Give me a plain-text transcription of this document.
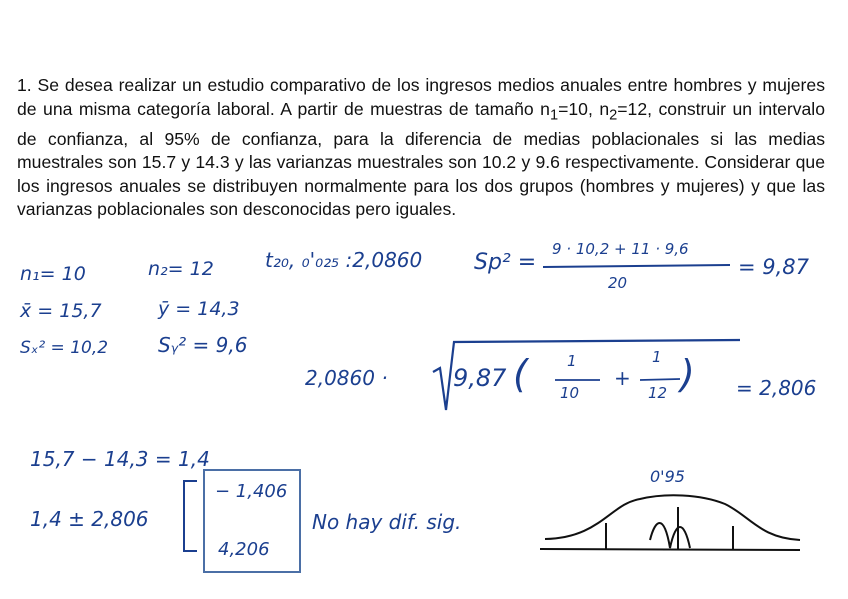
1. Se desea realizar un estudio comparativo de los ingresos medios anuales entre hombres y mujeres de una misma categoría laboral. A partir de muestras de tamaño $n_1=10$, $n_2=12$, construir un intervalo de confianza, al 95% de confianza, para la diferencia de medias poblacionales si las medias muestrales son 15.7 y 14.3 y las varianzas muestrales son 10.2 y 9.6 respectivamente. Considerar que los ingresos anuales se distribuyen normalmente para los dos grupos (hombres y mujeres) y que las varianzas poblacionales son desconocidas pero iguales.

n₁= 10	n₂= 12	t₂₀, ₀'₀₂₅ :2,0860 Sp² =
9 · 10,2 + 11 · 9,6
20
= 9,87
x̄ = 15,7	ȳ = 14,3
Sₓ² = 10,2 Sᵧ² = 9,6
2,0860 ·	9,87 (	1
10
+
1
12 ) = 2,806
15,7 − 14,3 = 1,4
1,4 ± 2,806
− 1,406
4,206
No hay dif. sig.
0'95
